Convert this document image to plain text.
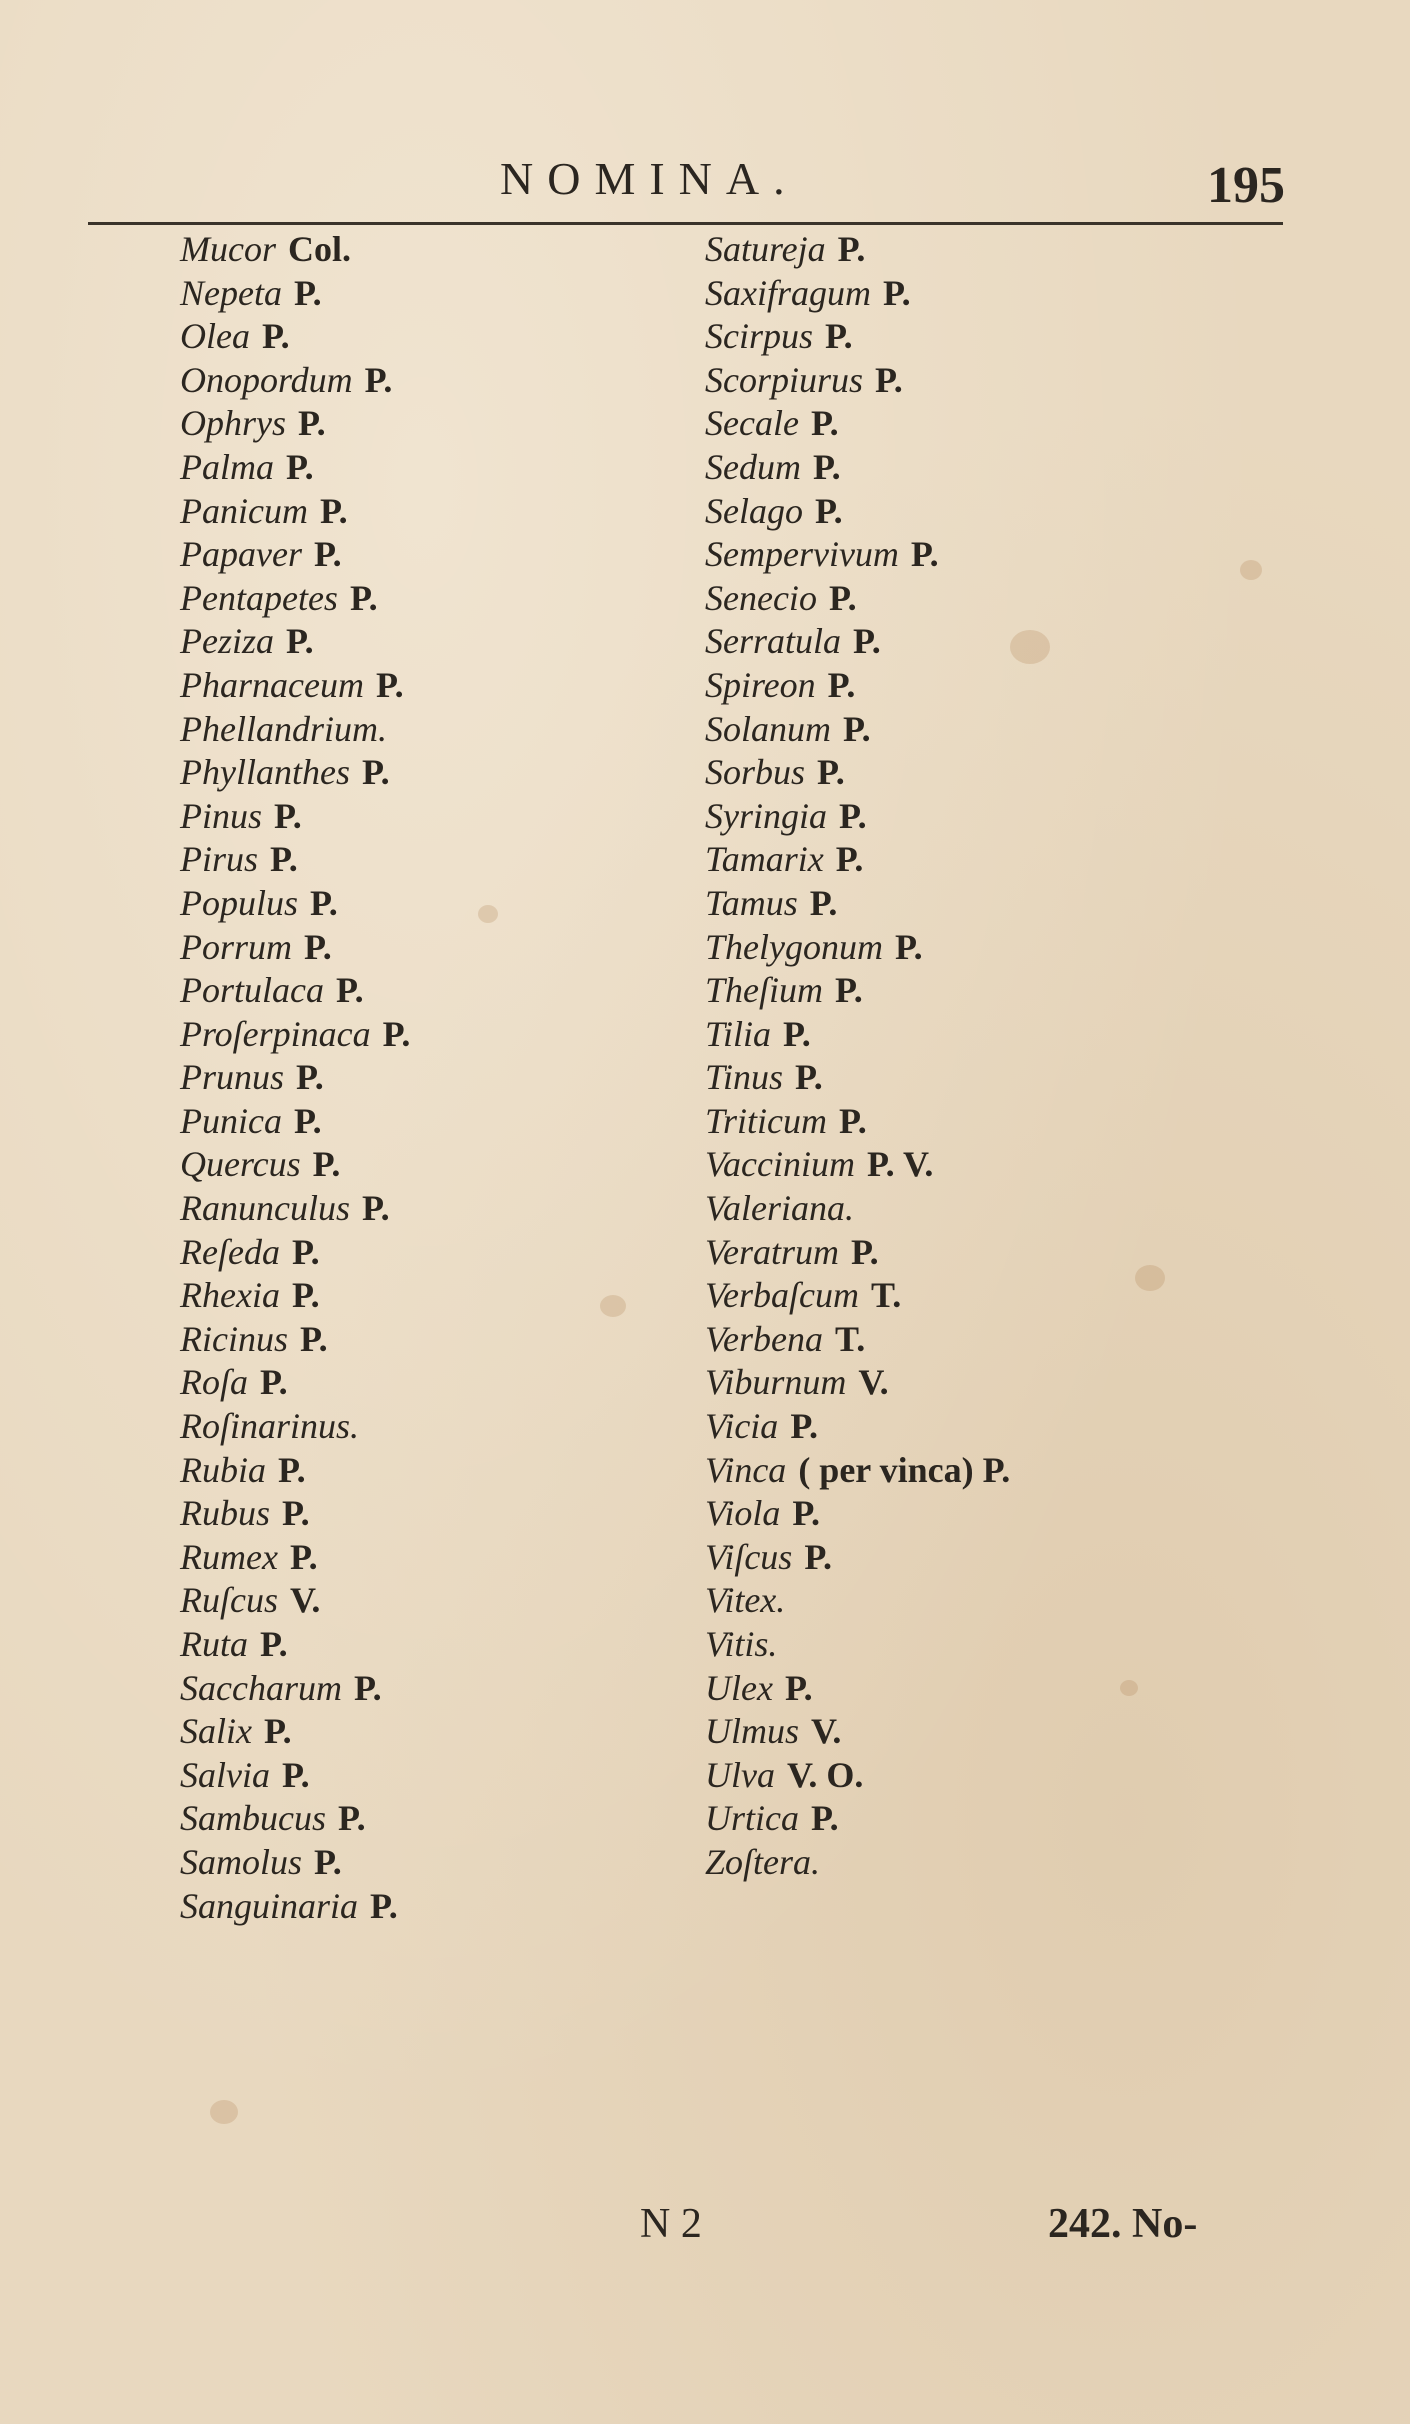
NOMINA.	195
Mucor Col.
Nepeta P.
Olea P.
Onopordum P.
Ophrys P.
Palma P.
Panicum P.
Papaver P.
Pentapetes P.
Peziza P.
Pharnaceum P.
Phellandrium.
Phyllanthes P.
Pinus P.
Pirus P.
Populus P.
Porrum P.
Portulaca P.
Proſerpinaca P.
Prunus P.
Punica P.
Quercus P.
Ranunculus P.
Reſeda P.
Rhexia P.
Ricinus P.
Roſa P.
Roſinarinus.
Rubia P.
Rubus P.
Rumex P.
Ruſcus V.
Ruta P.
Saccharum P.
Salix P.
Salvia P.
Sambucus P.
Samolus P.
Sanguinaria P.
Satureja P.
Saxifragum P.
Scirpus P.
Scorpiurus P.
Secale P.
Sedum P.
Selago P.
Sempervivum P.
Senecio P.
Serratula P.
Spireon P.
Solanum P.
Sorbus P.
Syringia P.
Tamarix P.
Tamus P.
Thelygonum P.
Theſium P.
Tilia P.
Tinus P.
Triticum P.
Vaccinium P. V.
Valeriana.
Veratrum P.
Verbaſcum T.
Verbena T.
Viburnum V.
Vicia P.
Vinca ( per vinca) P.
Viola P.
Viſcus P.
Vitex.
Vitis.
Ulex P.
Ulmus V.
Ulva V. O.
Urtica P.
Zoſtera.
N 2	242. No-
